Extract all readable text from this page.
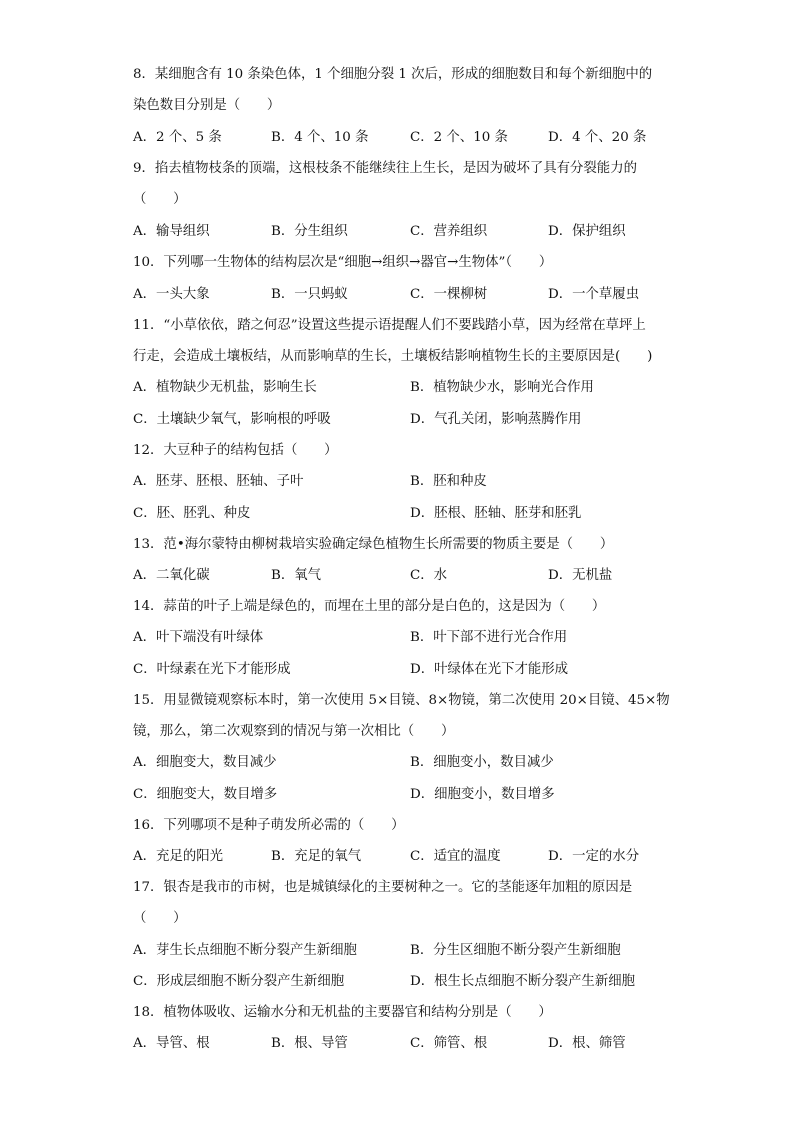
8．某细胞含有 10 条染色体，1 个细胞分裂 1 次后，形成的细胞数目和每个新细胞中的
染色数目分别是（　　）
A．2 个、5 条	B．4 个、10 条	C．2 个、10 条	D．4 个、20 条
9．掐去植物枝条的顶端，这根枝条不能继续往上生长，是因为破坏了具有分裂能力的
（　　）
A．输导组织	B．分生组织	C．营养组织	D．保护组织
10．下列哪一生物体的结构层次是“细胞→组织→器官→生物体”（　　）
A．一头大象	B．一只蚂蚁	C．一棵柳树	D．一个草履虫
11．“小草依依，踏之何忍”设置这些提示语提醒人们不要践踏小草，因为经常在草坪上
行走，会造成土壤板结，从而影响草的生长，土壤板结影响植物生长的主要原因是(　　)
A．植物缺少无机盐，影响生长	B．植物缺少水，影响光合作用
C．土壤缺少氧气，影响根的呼吸	D．气孔关闭，影响蒸腾作用
12．大豆种子的结构包括（　　）
A．胚芽、胚根、胚轴、子叶	B．胚和种皮
C．胚、胚乳、种皮	D．胚根、胚轴、胚芽和胚乳
13．范•海尔蒙特由柳树栽培实验确定绿色植物生长所需要的物质主要是（　　）
A．二氧化碳	B．氧气	C．水	D．无机盐
14．蒜苗的叶子上端是绿色的，而埋在土里的部分是白色的，这是因为（　　）
A．叶下端没有叶绿体	B．叶下部不进行光合作用
C．叶绿素在光下才能形成	D．叶绿体在光下才能形成
15．用显微镜观察标本时，第一次使用 5×目镜、8×物镜，第二次使用 20×目镜、45×物
镜，那么，第二次观察到的情况与第一次相比（　　）
A．细胞变大，数目减少	B．细胞变小，数目减少
C．细胞变大，数目增多	D．细胞变小，数目增多
16．下列哪项不是种子萌发所必需的（　　）
A．充足的阳光	B．充足的氧气	C．适宜的温度	D．一定的水分
17．银杏是我市的市树，也是城镇绿化的主要树种之一。它的茎能逐年加粗的原因是
（　　）
A．芽生长点细胞不断分裂产生新细胞	B．分生区细胞不断分裂产生新细胞
C．形成层细胞不断分裂产生新细胞	D．根生长点细胞不断分裂产生新细胞
18．植物体吸收、运输水分和无机盐的主要器官和结构分别是（　　）
A．导管、根	B．根、导管	C．筛管、根	D．根、筛管
